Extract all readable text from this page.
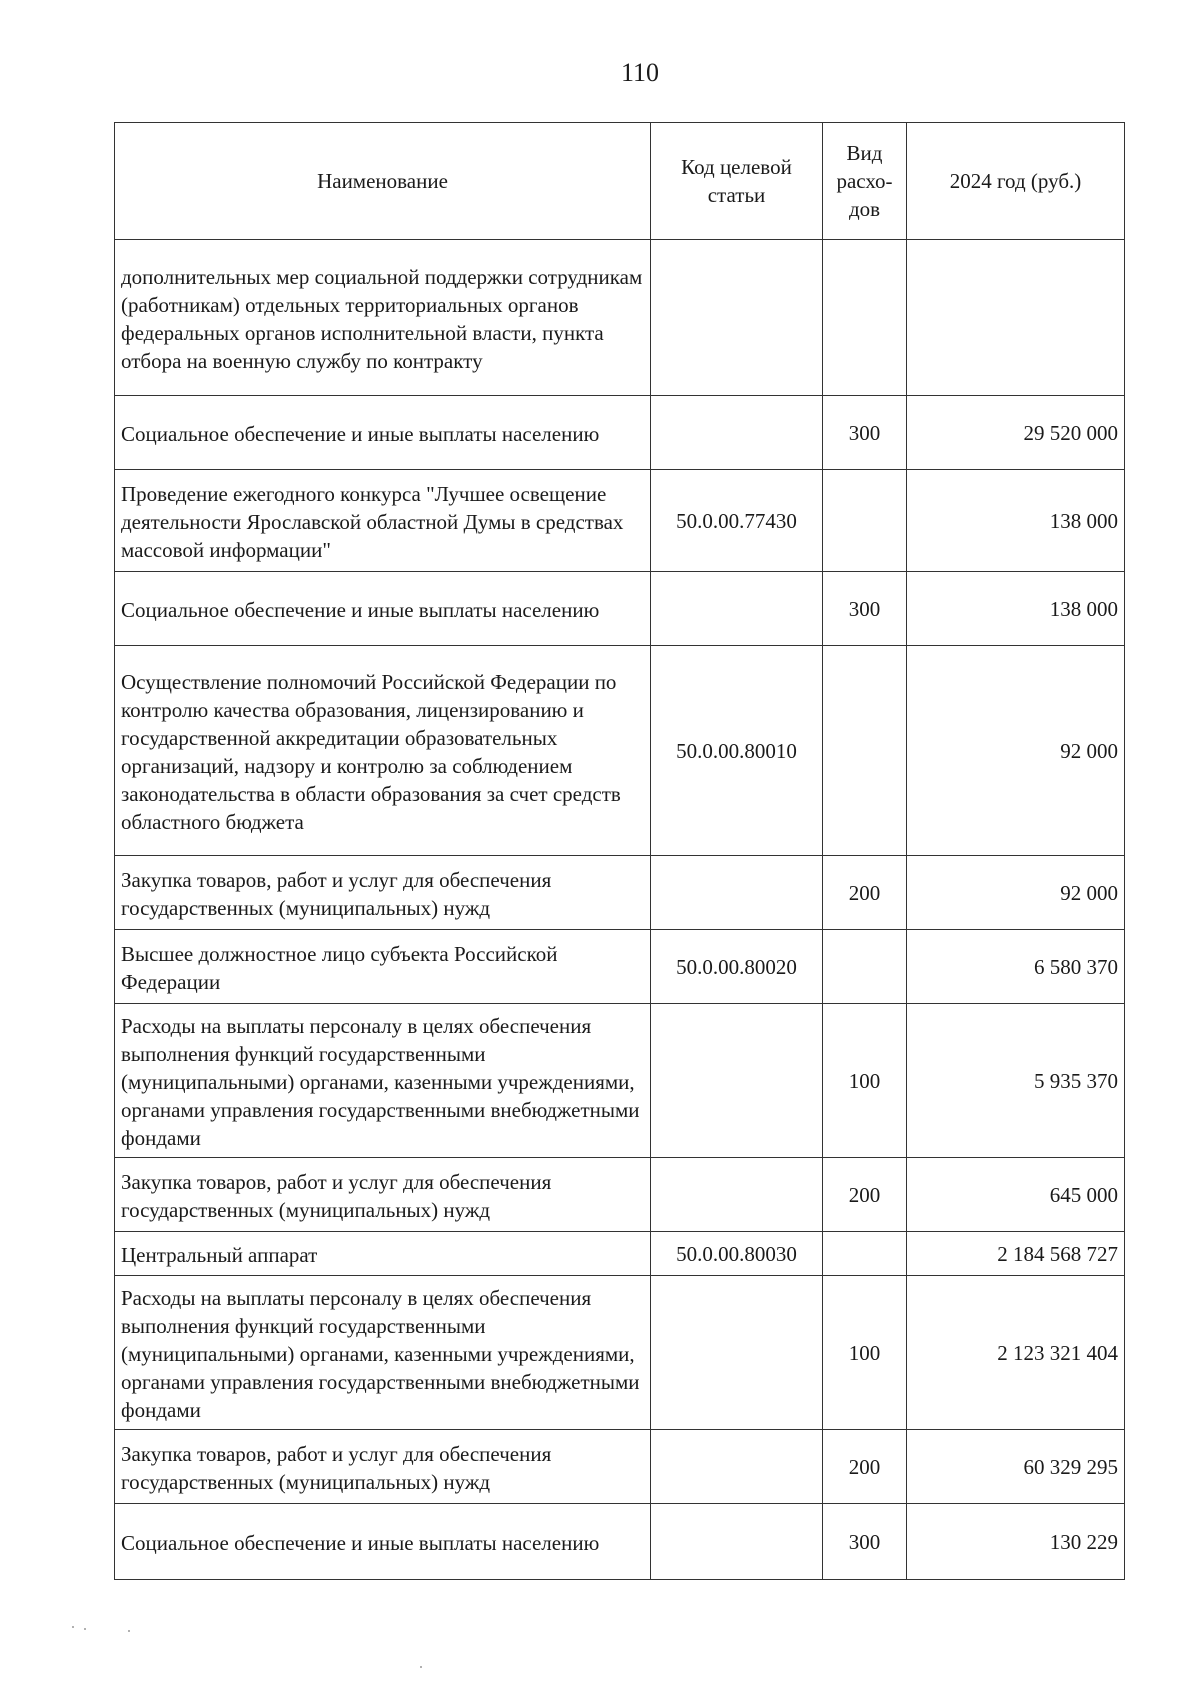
110
Наименование	Код целевой статьи	Вид расхо-дов	2024 год (руб.)
дополнительных мер социальной поддержки сотрудникам (работникам) отдельных территориальных органов федеральных органов исполнительной власти, пункта отбора на военную службу по контракту			
Социальное обеспечение и иные выплаты населению		300	29 520 000
Проведение ежегодного конкурса "Лучшее освещение деятельности Ярославской областной Думы в средствах массовой информации"	50.0.00.77430		138 000
Социальное обеспечение и иные выплаты населению		300	138 000
Осуществление полномочий Российской Федерации по контролю качества образования, лицензированию и государственной аккредитации образовательных организаций, надзору и контролю за соблюдением законодательства в области образования за счет средств областного бюджета	50.0.00.80010		92 000
Закупка товаров, работ и услуг для обеспечения государственных (муниципальных) нужд		200	92 000
Высшее должностное лицо субъекта Российской Федерации	50.0.00.80020		6 580 370
Расходы на выплаты персоналу в целях обеспечения выполнения функций государственными (муниципальными) органами, казенными учреждениями, органами управления государственными внебюджетными фондами		100	5 935 370
Закупка товаров, работ и услуг для обеспечения государственных (муниципальных) нужд		200	645 000
Центральный аппарат	50.0.00.80030		2 184 568 727
Расходы на выплаты персоналу в целях обеспечения выполнения функций государственными (муниципальными) органами, казенными учреждениями, органами управления государственными внебюджетными фондами		100	2 123 321 404
Закупка товаров, работ и услуг для обеспечения государственных (муниципальных) нужд		200	60 329 295
Социальное обеспечение и иные выплаты населению		300	130 229
